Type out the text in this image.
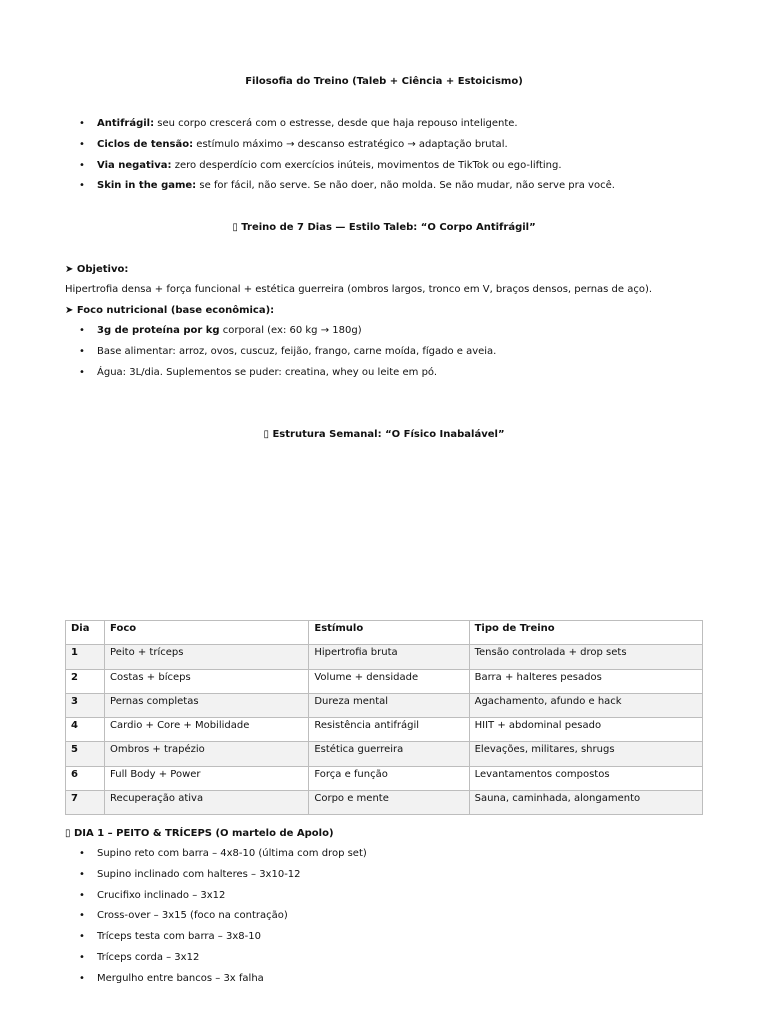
Filosofia do Treino (Taleb + Ciência + Estoicismo)
• Antifrágil: seu corpo crescerá com o estresse, desde que haja repouso inteligente.
• Ciclos de tensão: estímulo máximo → descanso estratégico → adaptação brutal.
• Via negativa: zero desperdício com exercícios inúteis, movimentos de TikTok ou ego-lifting.
• Skin in the game: se for fácil, não serve. Se não doer, não molda. Se não mudar, não serve pra você.
▯ Treino de 7 Dias — Estilo Taleb: “O Corpo Antifrágil”
➤ Objetivo:
Hipertrofia densa + força funcional + estética guerreira (ombros largos, tronco em V, braços densos, pernas de aço).
➤ Foco nutricional (base econômica):
• 3g de proteína por kg corporal (ex: 60 kg → 180g)
• Base alimentar: arroz, ovos, cuscuz, feijão, frango, carne moída, fígado e aveia.
• Água: 3L/dia. Suplementos se puder: creatina, whey ou leite em pó.
▯ Estrutura Semanal: “O Físico Inabalável”
Dia	Foco	Estímulo	Tipo de Treino
1	Peito + tríceps	Hipertrofia bruta	Tensão controlada + drop sets
2	Costas + bíceps	Volume + densidade	Barra + halteres pesados
3	Pernas completas	Dureza mental	Agachamento, afundo e hack
4	Cardio + Core + Mobilidade	Resistência antifrágil	HIIT + abdominal pesado
5	Ombros + trapézio	Estética guerreira	Elevações, militares, shrugs
6	Full Body + Power	Força e função	Levantamentos compostos
7	Recuperação ativa	Corpo e mente	Sauna, caminhada, alongamento
▯ DIA 1 – PEITO & TRÍCEPS (O martelo de Apolo)
• Supino reto com barra – 4x8-10 (última com drop set)
• Supino inclinado com halteres – 3x10-12
• Crucifixo inclinado – 3x12
• Cross-over – 3x15 (foco na contração)
• Tríceps testa com barra – 3x8-10
• Tríceps corda – 3x12
• Mergulho entre bancos – 3x falha
